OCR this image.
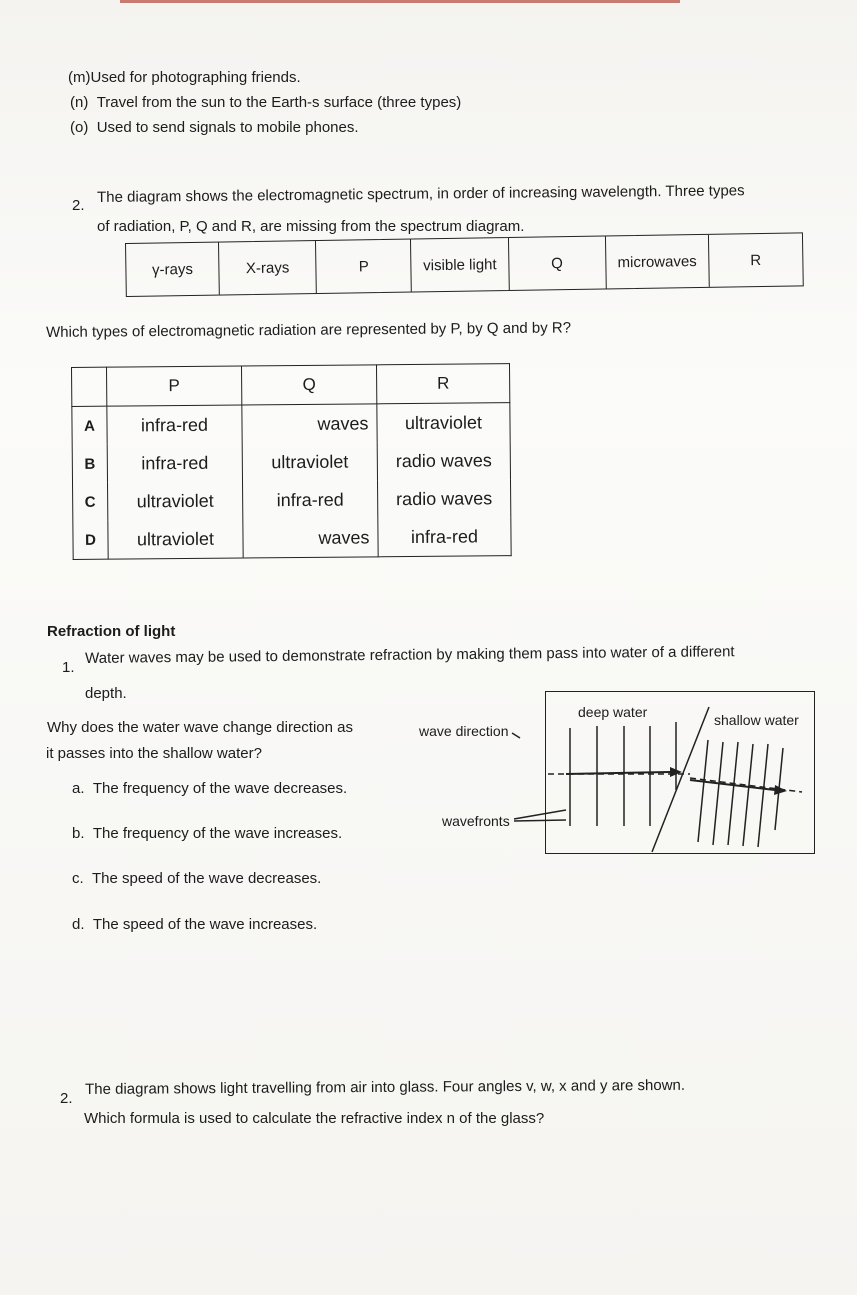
(m)Used for photographing friends.
(n) Travel from the sun to the Earth-s surface (three types)
(o) Used to send signals to mobile phones.
2. The diagram shows the electromagnetic spectrum, in order of increasing wavelength. Three types
of radiation, P, Q and R, are missing from the spectrum diagram.
γ-rays	X-rays	P	visible light	Q	microwaves	R
Which types of electromagnetic radiation are represented by P, by Q and by R?
	P	Q	R
A	infra-red	waves	ultraviolet
B	infra-red	ultraviolet	radio waves
C	ultraviolet	infra-red	radio waves
D	ultraviolet	waves	infra-red
Refraction of light
1.
Water waves may be used to demonstrate refraction by making them pass into water of a different
depth.
Why does the water wave change direction as
it passes into the shallow water?
a. The frequency of the wave decreases.
b. The frequency of the wave increases.
c. The speed of the wave decreases.
d. The speed of the wave increases.
wave direction
wavefronts
deep water	shallow water
2.
The diagram shows light travelling from air into glass. Four angles v, w, x and y are shown.
Which formula is used to calculate the refractive index n of the glass?
